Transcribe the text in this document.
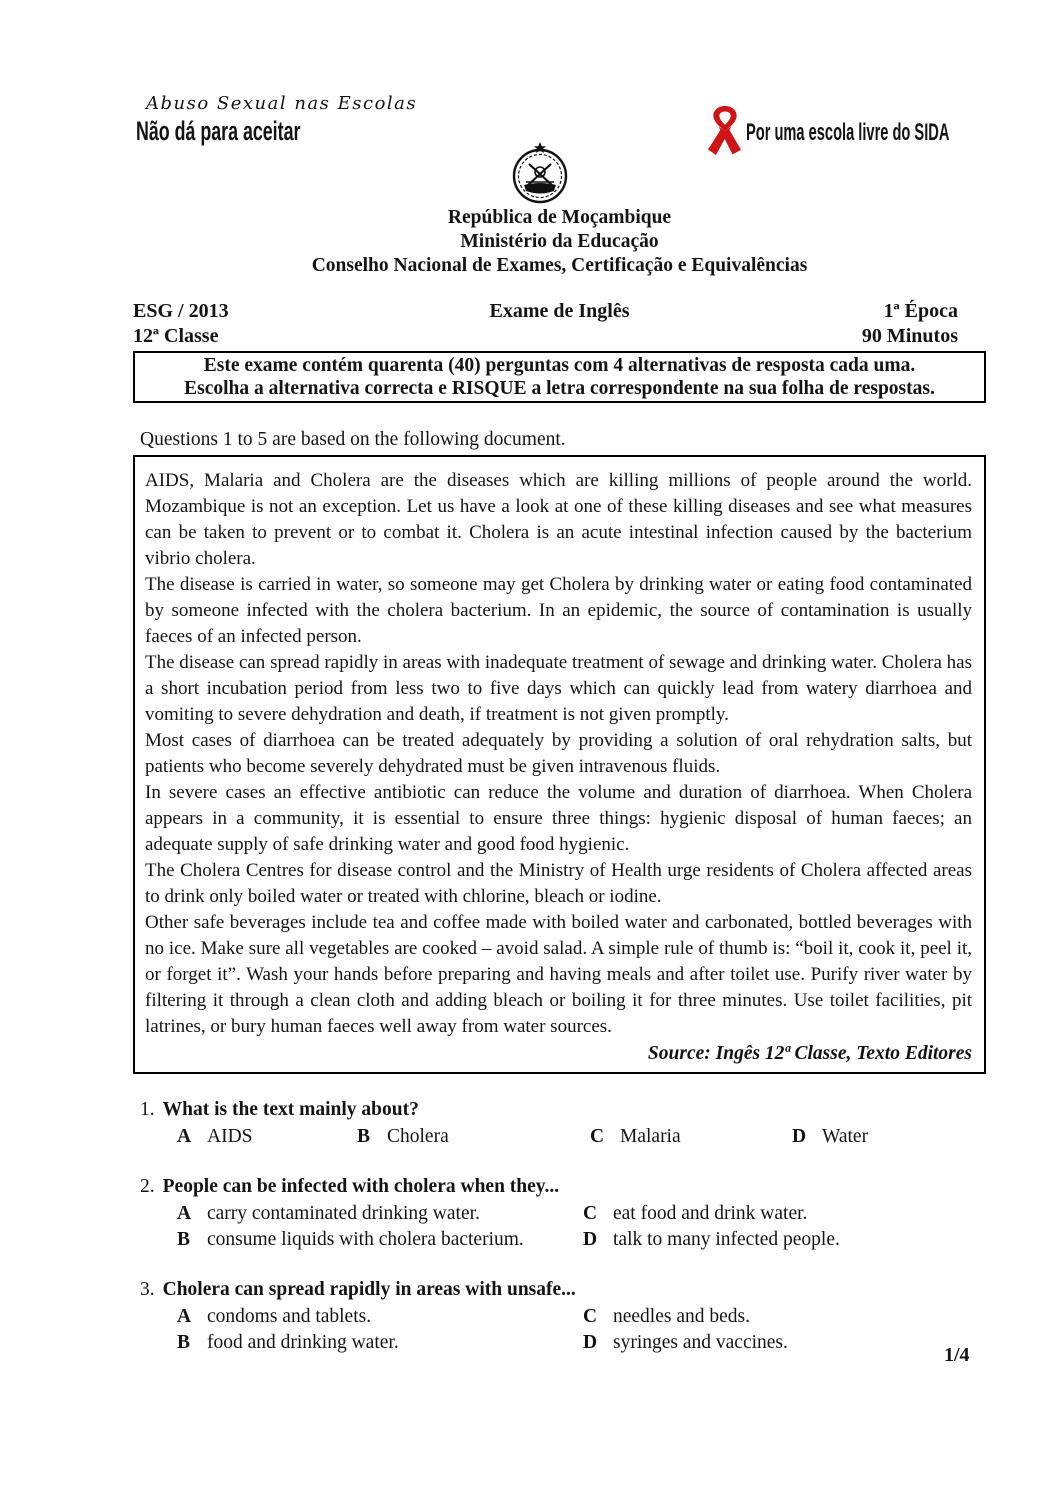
Abuso Sexual nas Escolas
Não dá para aceitar	Por uma escola livre do SIDA
República de Moçambique
Ministério da Educação
Conselho Nacional de Exames, Certificação e Equivalências
ESG / 2013	Exame de Inglês	1ª Época
12ª Classe	90 Minutos
Este exame contém quarenta (40) perguntas com 4 alternativas de resposta cada uma.
Escolha a alternativa correcta e RISQUE a letra correspondente na sua folha de respostas.
Questions 1 to 5 are based on the following document.

AIDS, Malaria and Cholera are the diseases which are killing millions of people around the world. Mozambique is not an exception. Let us have a look at one of these killing diseases and see what measures can be taken to prevent or to combat it. Cholera is an acute intestinal infection caused by the bacterium vibrio cholera.

The disease is carried in water, so someone may get Cholera by drinking water or eating food contaminated by someone infected with the cholera bacterium. In an epidemic, the source of contamination is usually faeces of an infected person.

The disease can spread rapidly in areas with inadequate treatment of sewage and drinking water. Cholera has a short incubation period from less two to five days which can quickly lead from watery diarrhoea and vomiting to severe dehydration and death, if treatment is not given promptly.

Most cases of diarrhoea can be treated adequately by providing a solution of oral rehydration salts, but patients who become severely dehydrated must be given intravenous fluids.

In severe cases an effective antibiotic can reduce the volume and duration of diarrhoea. When Cholera appears in a community, it is essential to ensure three things: hygienic disposal of human faeces; an adequate supply of safe drinking water and good food hygienic.

The Cholera Centres for disease control and the Ministry of Health urge residents of Cholera affected areas to drink only boiled water or treated with chlorine, bleach or iodine.

Other safe beverages include tea and coffee made with boiled water and carbonated, bottled beverages with no ice. Make sure all vegetables are cooked – avoid salad. A simple rule of thumb is: “boil it, cook it, peel it, or forget it”. Wash your hands before preparing and having meals and after toilet use. Purify river water by filtering it through a clean cloth and adding bleach or boiling it for three minutes. Use toilet facilities, pit latrines, or bury human faeces well away from water sources.

Source: Ingês 12ª Classe, Texto Editores
1. What is the text mainly about?
A AIDS	B Cholera	C Malaria	D Water
2. People can be infected with cholera when they...
A carry contaminated drinking water.	C eat food and drink water.
B consume liquids with cholera bacterium.	D talk to many infected people.
3. Cholera can spread rapidly in areas with unsafe...
A condoms and tablets.	C needles and beds.
B food and drinking water.	D syringes and vaccines.
1/4
